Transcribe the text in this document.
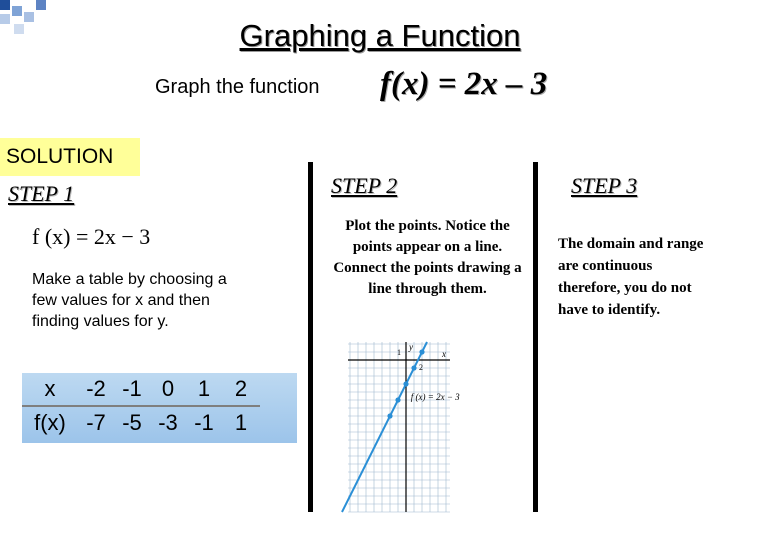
Graphing a Function
Graph the function f(x) = 2x – 3
SOLUTION
STEP 1	STEP 2	STEP 3
f (x) = 2x − 3
Make a table by choosing a few values for x and then finding values for y.
Plot the points. Notice the points appear on a line. Connect the points drawing a line through them.
The domain and range are continuous therefore, you do not have to identify.
x	-2	-1	0	1	2
f(x)	-7	-5	-3	-1	1
x
y
2
1
f (x) = 2x − 3
